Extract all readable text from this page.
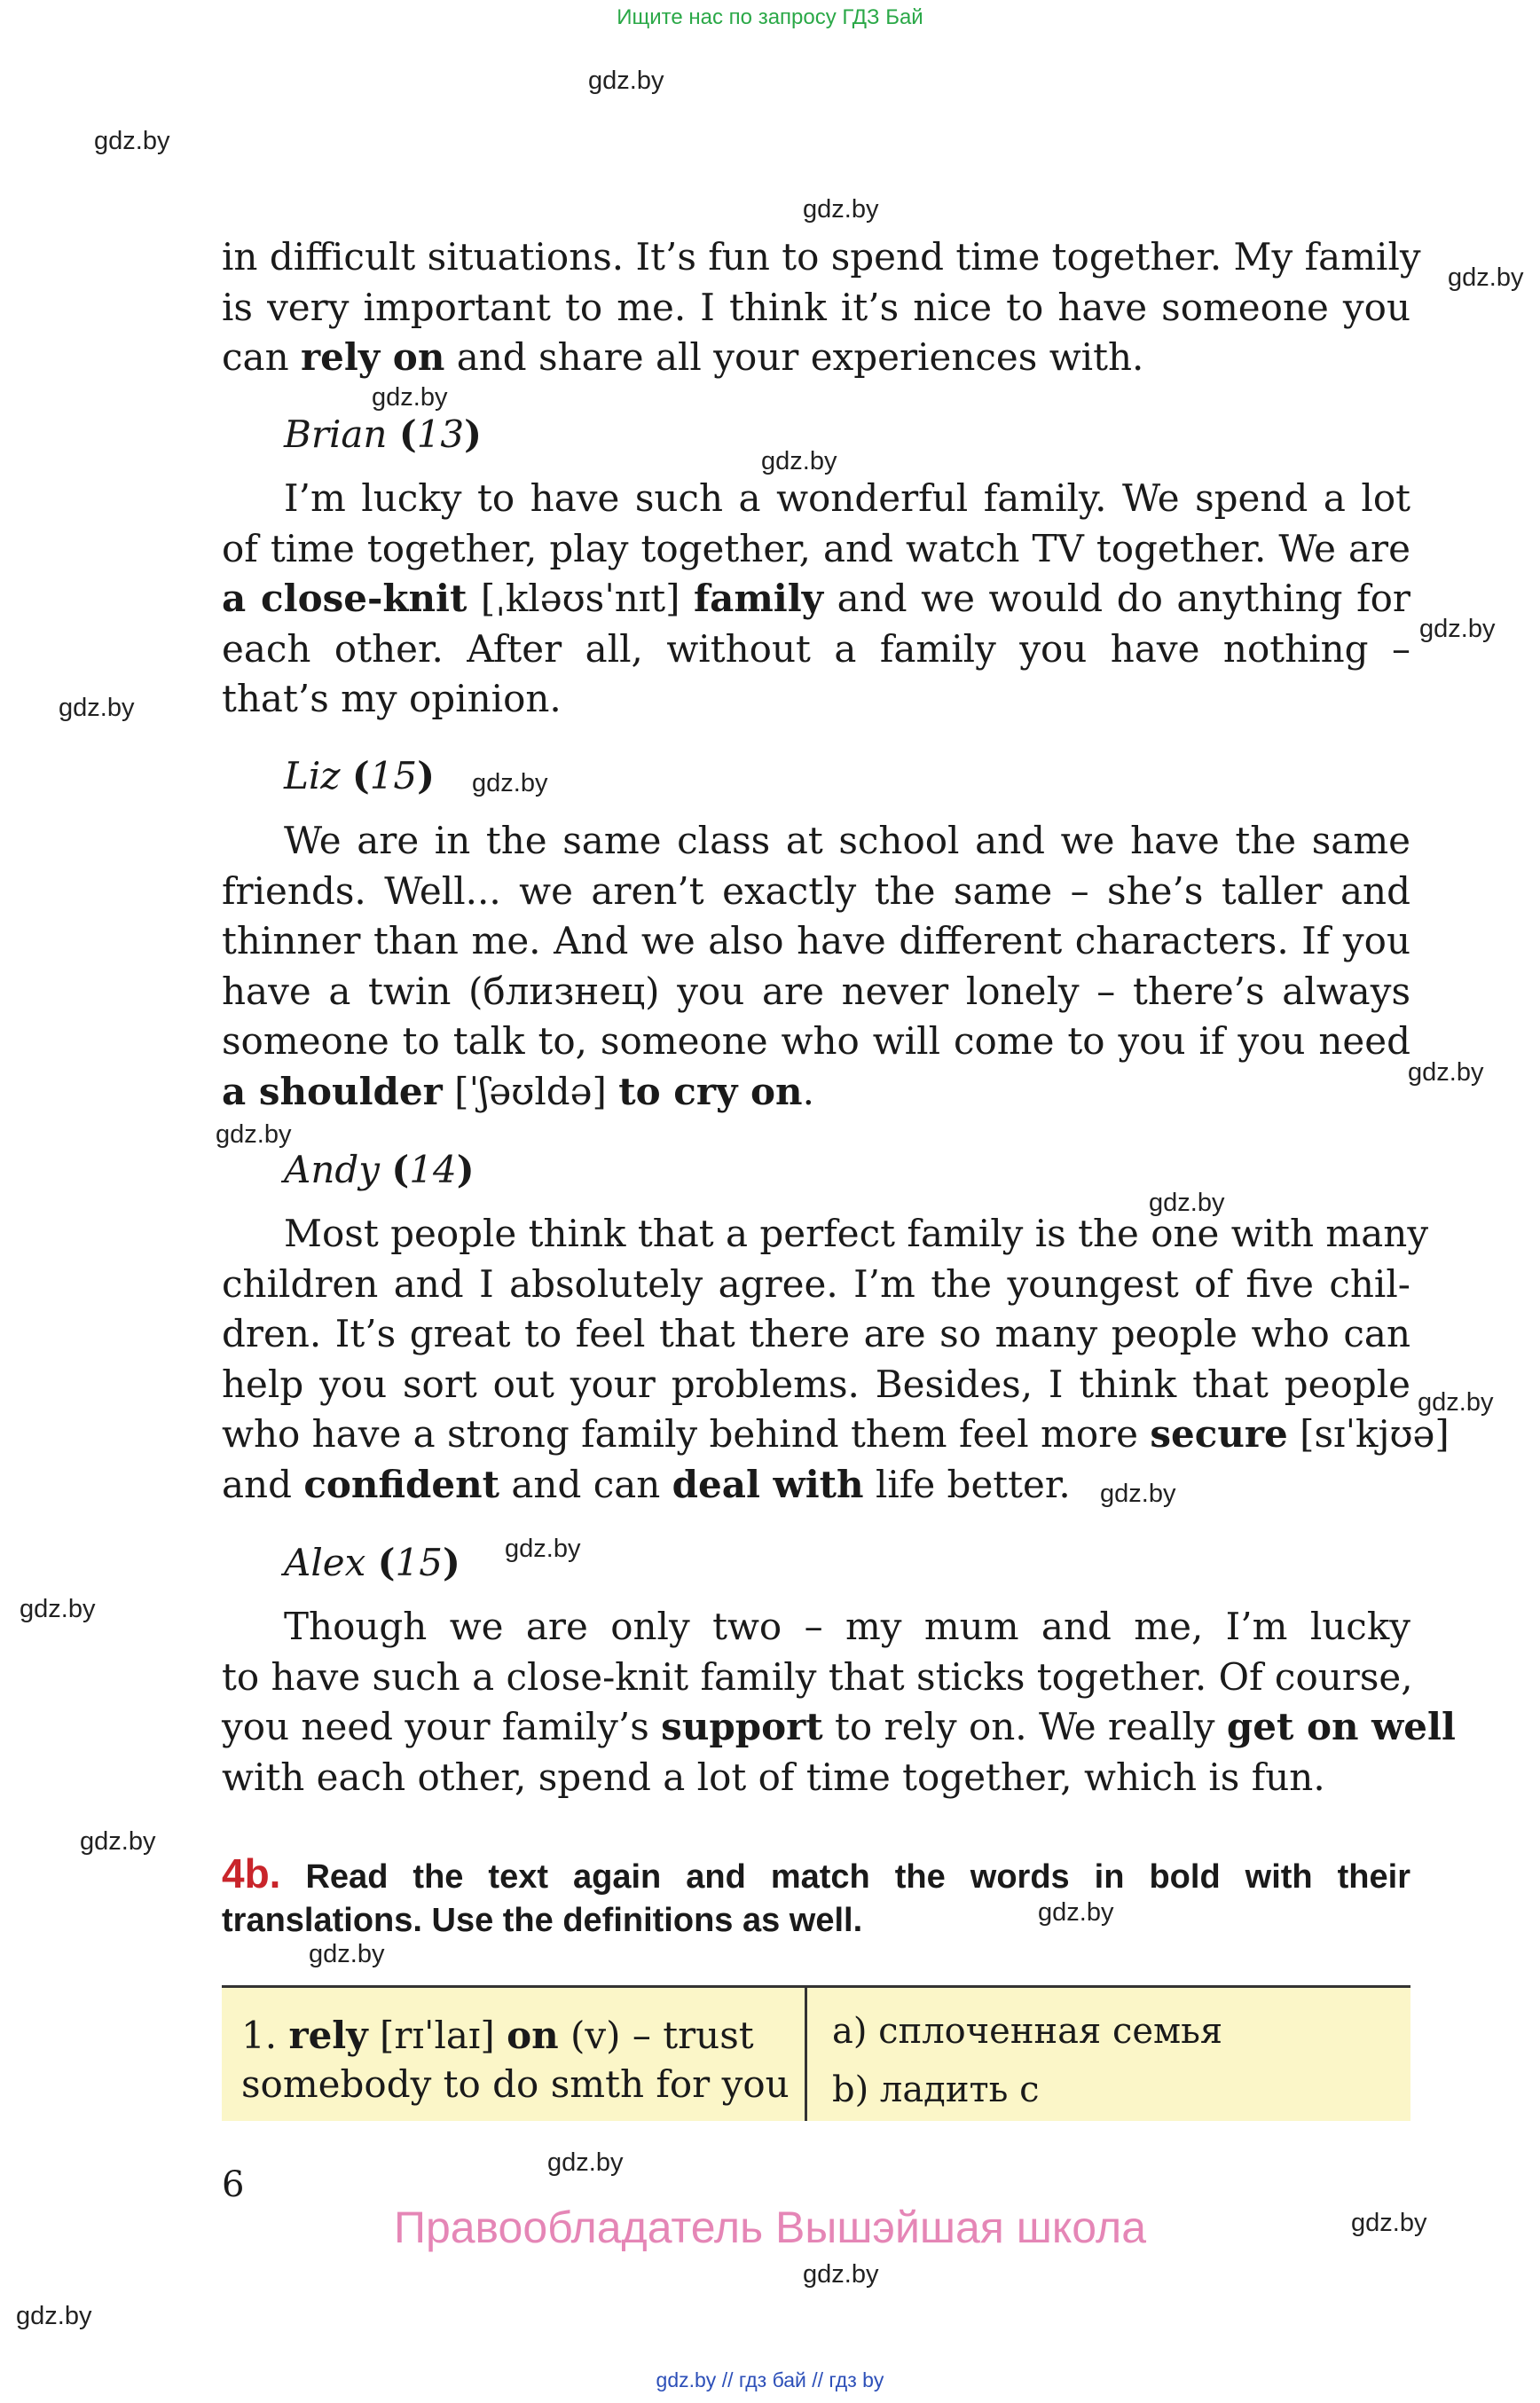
Ищите нас по запросу ГДЗ Бай
gdz.by
gdz.by
gdz.by
gdz.by
gdz.by
gdz.by
gdz.by
gdz.by
gdz.by
gdz.by
gdz.by
gdz.by
gdz.by
gdz.by
gdz.by
gdz.by
gdz.by
gdz.by
gdz.by
gdz.by
gdz.by
gdz.by
gdz.by
in difficult situations. It’s fun to spend time together. My family
is very important to me. I think it’s nice to have someone you
can rely on and share all your experiences with.
Brian (13)
I’m lucky to have such a wonderful family. We spend a lot
of time together, play together, and watch TV together. We are
a close-knit [ˌkləʊsˈnɪt] family and we would do anything for
each other. After all, without a family you have nothing –
that’s my opinion.
Liz (15)
We are in the same class at school and we have the same
friends. Well... we aren’t exactly the same – she’s taller and
thinner than me. And we also have different characters. If you
have a twin (близнец) you are never lonely – there’s always
someone to talk to, someone who will come to you if you need
a shoulder [ˈʃəʊldə] to cry on.
Andy (14)
Most people think that a perfect family is the one with many
children and I absolutely agree. I’m the youngest of five chil-
dren. It’s great to feel that there are so many people who can
help you sort out your problems. Besides, I think that people
who have a strong family behind them feel more secure [sɪˈkjʊə]
and confident and can deal with life better.
Alex (15)
Though we are only two – my mum and me, I’m lucky
to have such a close-knit family that sticks together. Of course,
you need your family’s support to rely on. We really get on well
with each other, spend a lot of time together, which is fun.
4b. Read the text again and match the words in bold with their
translations. Use the definitions as well.
1. rely [rɪˈlaɪ] on (v) – trust
somebody to do smth for you
a) сплоченная семья
b) ладить с
6
Правообладатель Вышэйшая школа
gdz.by // гдз бай // гдз by
